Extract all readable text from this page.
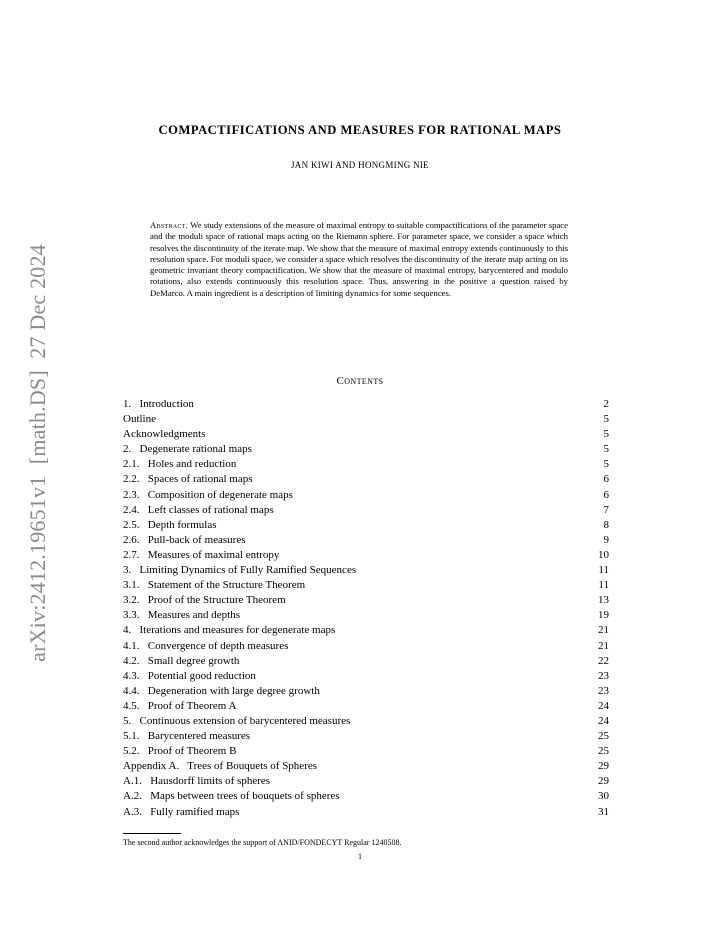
arXiv:2412.19651v1  [math.DS]  27 Dec 2024
COMPACTIFICATIONS AND MEASURES FOR RATIONAL MAPS
JAN KIWI AND HONGMING NIE
Abstract. We study extensions of the measure of maximal entropy to suitable compactifications of the parameter space and the moduli space of rational maps acting on the Riemann sphere. For parameter space, we consider a space which resolves the discontinuity of the iterate map. We show that the measure of maximal entropy extends continuously to this resolution space. For moduli space, we consider a space which resolves the discontinuity of the iterate map acting on its geometric invariant theory compactification. We show that the measure of maximal entropy, barycentered and modulo rotations, also extends continuously this resolution space. Thus, answering in the positive a question raised by DeMarco. A main ingredient is a description of limiting dynamics for some sequences.
Contents
1.   Introduction	2
Outline	5
Acknowledgments	5
2.   Degenerate rational maps	5
2.1.   Holes and reduction	5
2.2.   Spaces of rational maps	6
2.3.   Composition of degenerate maps	6
2.4.   Left classes of rational maps	7
2.5.   Depth formulas	8
2.6.   Pull-back of measures	9
2.7.   Measures of maximal entropy	10
3.   Limiting Dynamics of Fully Ramified Sequences	11
3.1.   Statement of the Structure Theorem	11
3.2.   Proof of the Structure Theorem	13
3.3.   Measures and depths	19
4.   Iterations and measures for degenerate maps	21
4.1.   Convergence of depth measures	21
4.2.   Small degree growth	22
4.3.   Potential good reduction	23
4.4.   Degeneration with large degree growth	23
4.5.   Proof of Theorem A	24
5.   Continuous extension of barycentered measures	24
5.1.   Barycentered measures	25
5.2.   Proof of Theorem B	25
Appendix A.   Trees of Bouquets of Spheres	29
A.1.   Hausdorff limits of spheres	29
A.2.   Maps between trees of bouquets of spheres	30
A.3.   Fully ramified maps	31
The second author acknowledges the support of ANID/FONDECYT Regular 1240508.
1
